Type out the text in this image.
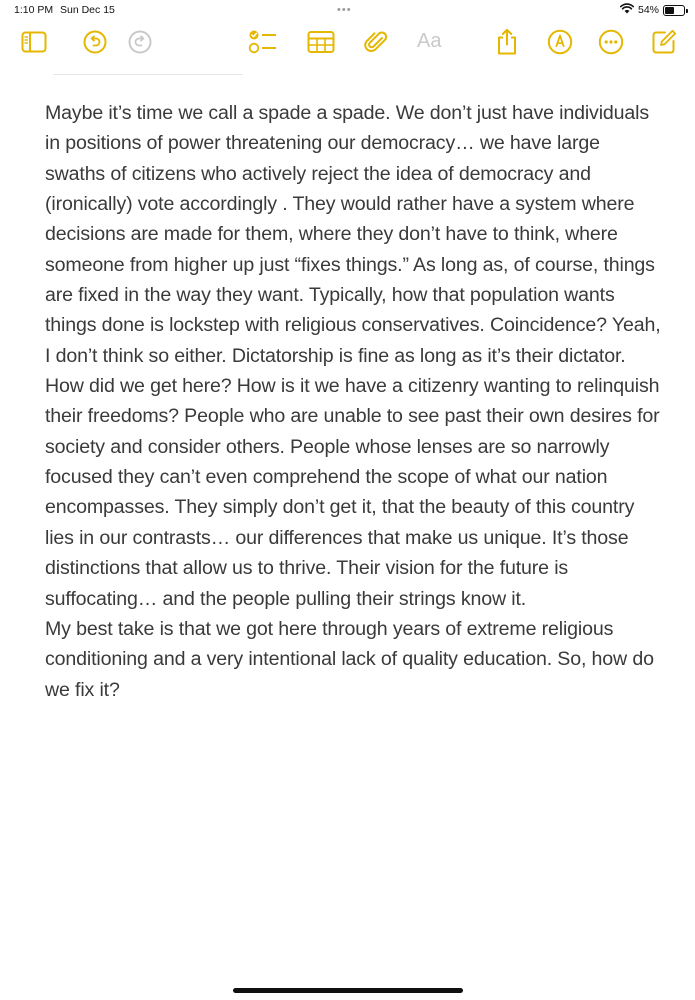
1:10 PM Sun Dec 15	•••	54%
Aa

Maybe it’s time we call a spade a spade. We don’t just have individuals in positions of power threatening our democracy… we have large swaths of citizens who actively reject the idea of democracy and (ironically) vote accordingly . They would rather have a system where decisions are made for them, where they don’t have to think, where someone from higher up just “fixes things.” As long as, of course, things are fixed in the way they want. Typically, how that population wants things done is lockstep with religious conservatives. Coincidence? Yeah, I don’t think so either. Dictatorship is fine as long as it’s their dictator.

How did we get here? How is it we have a citizenry wanting to relinquish their freedoms? People who are unable to see past their own desires for society and consider others. People whose lenses are so narrowly focused they can’t even comprehend the scope of what our nation encompasses. They simply don’t get it, that the beauty of this country lies in our contrasts… our differences that make us unique. It’s those distinctions that allow us to thrive. Their vision for the future is suffocating… and the people pulling their strings know it.

My best take is that we got here through years of extreme religious conditioning and a very intentional lack of quality education. So, how do we fix it?
